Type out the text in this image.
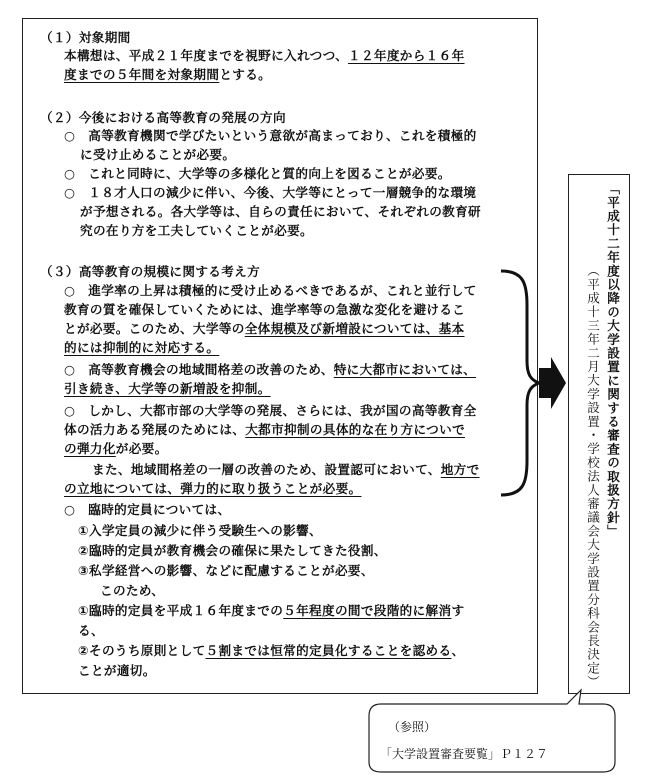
（１）対象期間
本構想は、平成２１年度までを視野に入れつつ、１２年度から１６年
度までの５年間を対象期間とする。
（２）今後における高等教育の発展の方向
○　高等教育機関で学びたいという意欲が高まっており、これを積極的
に受け止めることが必要。
○　これと同時に、大学等の多様化と質的向上を図ることが必要。
○　１８才人口の減少に伴い、今後、大学等にとって一層競争的な環境
が予想される。各大学等は、自らの責任において、それぞれの教育研
究の在り方を工夫していくことが必要。
（３）高等教育の規模に関する考え方
○　進学率の上昇は積極的に受け止めるべきであるが、これと並行して
教育の質を確保していくためには、進学率等の急激な変化を避けるこ
とが必要。このため、大学等の全体規模及び新増設については、基本
的には抑制的に対応する。
○　高等教育機会の地域間格差の改善のため、特に大都市においては、
引き続き、大学等の新増設を抑制。
○　しかし、大都市部の大学等の発展、さらには、我が国の高等教育全
体の活力ある発展のためには、大都市抑制の具体的な在り方についで
の弾力化が必要。
また、地域間格差の一層の改善のため、設置認可において、地方で
の立地については、弾力的に取り扱うことが必要。
○　臨時的定員については、
①入学定員の減少に伴う受験生への影響、
②臨時的定員が教育機会の確保に果たしてきた役割、
③私学経営への影響、などに配慮することが必要、
このため、
①臨時的定員を平成１６年度までの５年程度の間で段階的に解消す
る、
②そのうち原則として５割までは恒常的定員化することを認める、
ことが適切。
「平成十二年度以降の大学設置に関する審査の取扱方針」
（平成十三年二月大学設置・学校法人審議会大学設置分科会長決定）
（参照）
「大学設置審査要覧」Ｐ１２７
